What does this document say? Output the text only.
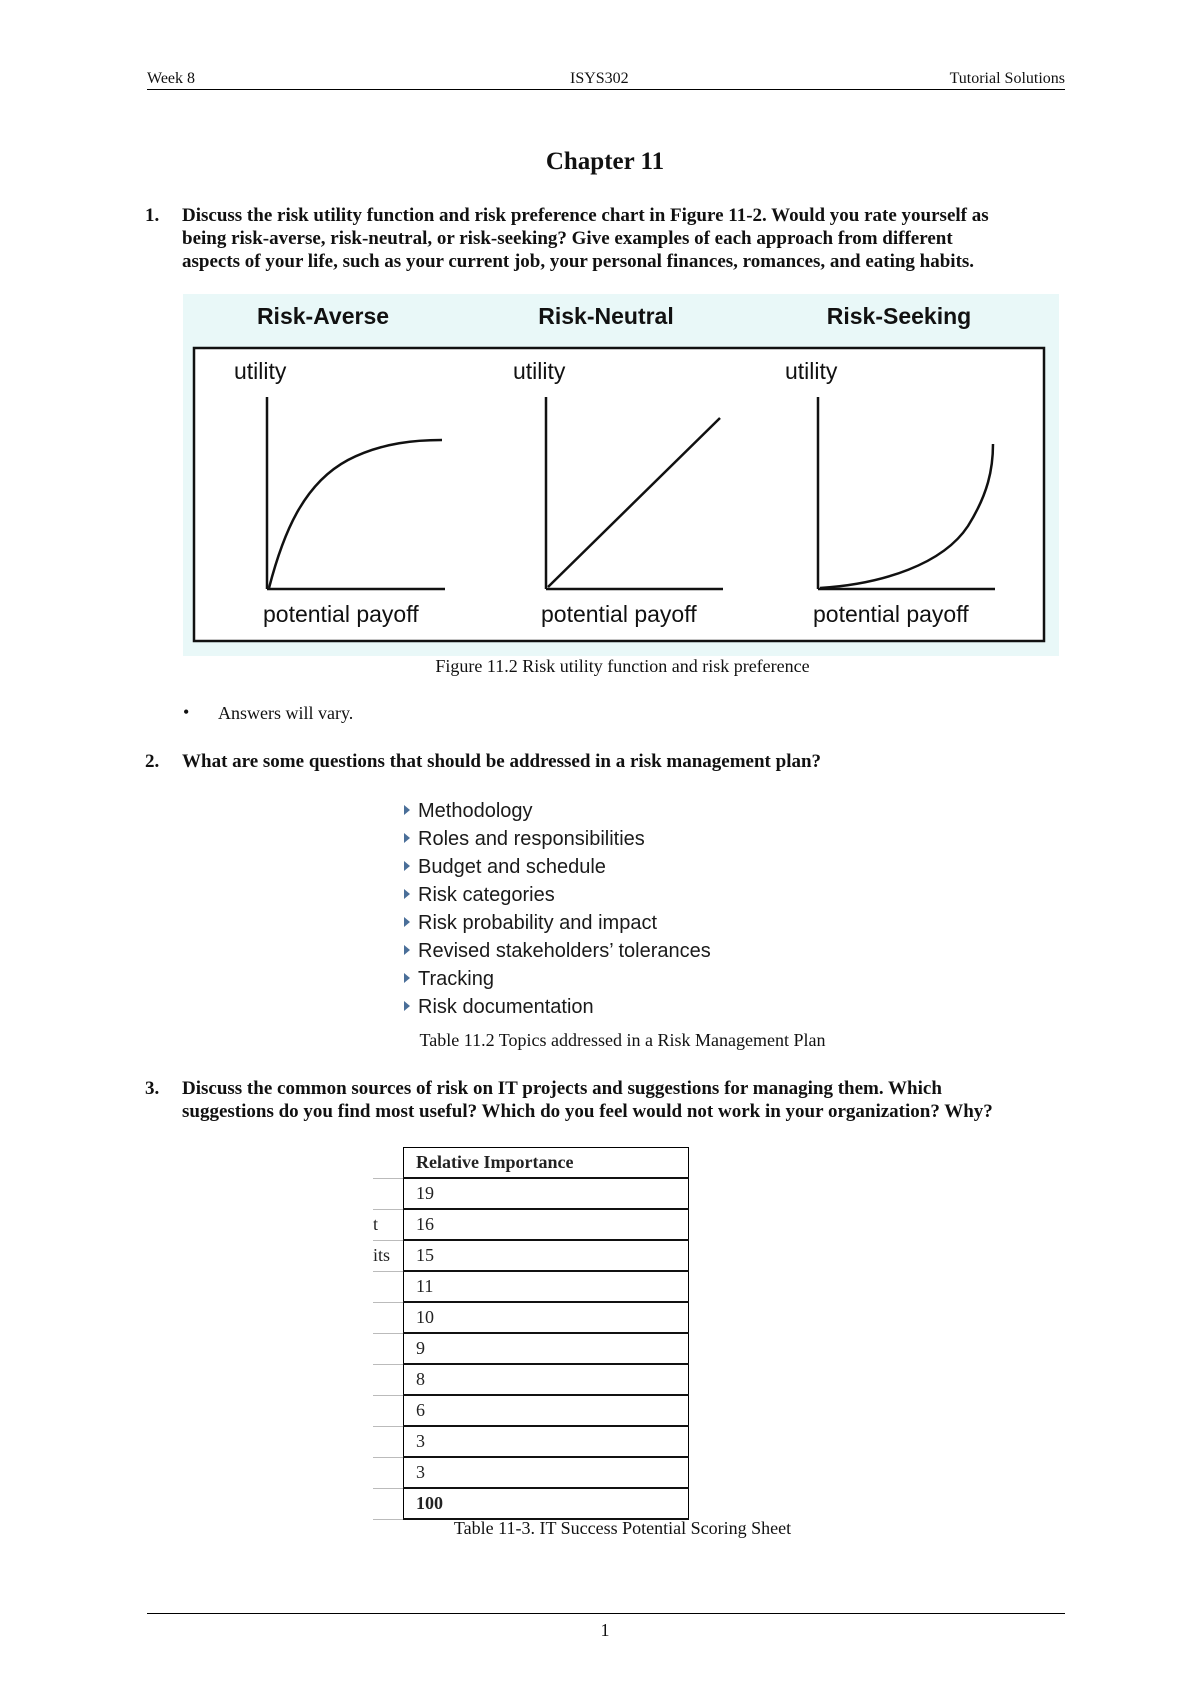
Week 8	ISYS302	Tutorial Solutions
Chapter 11
1. Discuss the risk utility function and risk preference chart in Figure 11-2. Would you rate yourself as
being risk-averse, risk-neutral, or risk-seeking? Give examples of each approach from different
aspects of your life, such as your current job, your personal finances, romances, and eating habits.
Risk-Averse	Risk-Neutral	Risk-Seeking
utility
potential payoff
utility
potential payoff
utility
potential payoff
Figure 11.2 Risk utility function and risk preference
• Answers will vary.
2. What are some questions that should be addressed in a risk management plan?
Methodology
Roles and responsibilities
Budget and schedule
Risk categories
Risk probability and impact
Revised stakeholders’ tolerances
Tracking
Risk documentation
Table 11.2 Topics addressed in a Risk Management Plan
3. Discuss the common sources of risk on IT projects and suggestions for managing them. Which
suggestions do you find most useful? Which do you feel would not work in your organization? Why?
	Relative Importance
	19
t	16
its	15
	11
	10
	9
	8
	6
	3
	3
	100
Table 11-3. IT Success Potential Scoring Sheet
1
